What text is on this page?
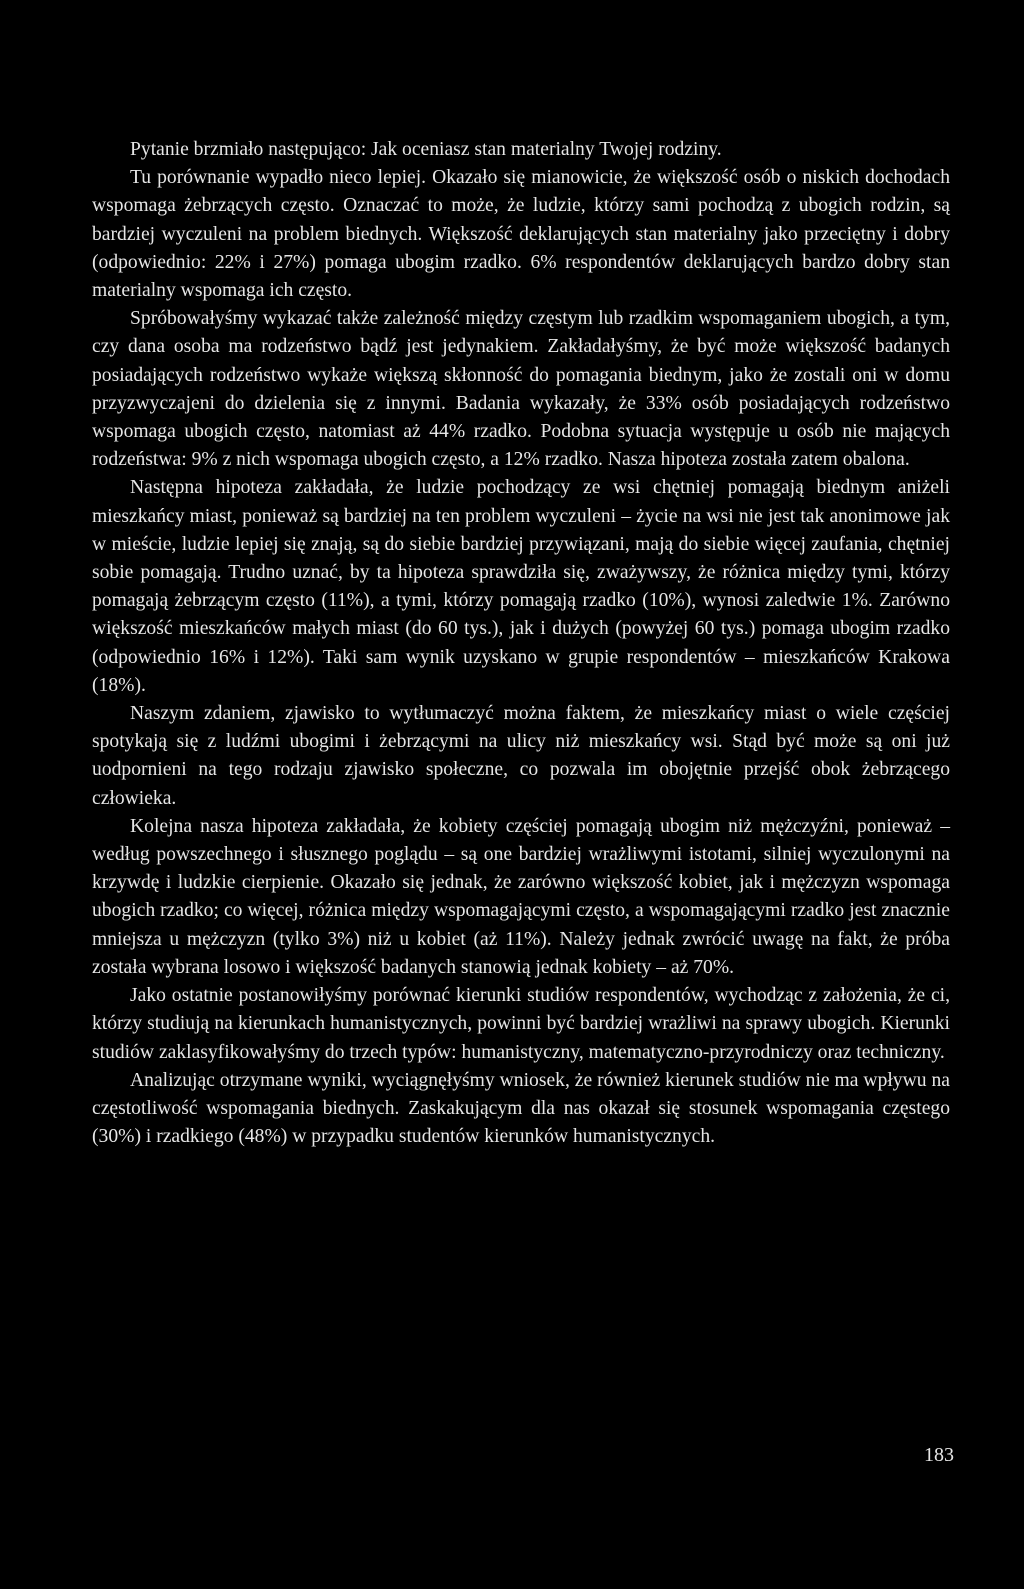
Pytanie brzmiało następująco: Jak oceniasz stan materialny Twojej rodziny.

Tu porównanie wypadło nieco lepiej. Okazało się mianowicie, że większość osób o niskich dochodach wspomaga żebrzących często. Oznaczać to może, że ludzie, którzy sami pochodzą z ubogich rodzin, są bardziej wyczuleni na problem biednych. Większość deklarujących stan materialny jako przeciętny i dobry (odpowiednio: 22% i 27%) pomaga ubogim rzadko. 6% respondentów deklarujących bardzo dobry stan materialny wspomaga ich często.

Spróbowałyśmy wykazać także zależność między częstym lub rzadkim wspomaganiem ubogich, a tym, czy dana osoba ma rodzeństwo bądź jest jedynakiem. Zakładałyśmy, że być może większość badanych posiadających rodzeństwo wykaże większą skłonność do pomagania biednym, jako że zostali oni w domu przyzwyczajeni do dzielenia się z innymi. Badania wykazały, że 33% osób posiadających rodzeństwo wspomaga ubogich często, natomiast aż 44% rzadko. Podobna sytuacja występuje u osób nie mających rodzeństwa: 9% z nich wspomaga ubogich często, a 12% rzadko. Nasza hipoteza została zatem obalona.

Następna hipoteza zakładała, że ludzie pochodzący ze wsi chętniej pomagają biednym aniżeli mieszkańcy miast, ponieważ są bardziej na ten problem wyczuleni – życie na wsi nie jest tak anonimowe jak w mieście, ludzie lepiej się znają, są do siebie bardziej przywiązani, mają do siebie więcej zaufania, chętniej sobie pomagają. Trudno uznać, by ta hipoteza sprawdziła się, zważywszy, że różnica między tymi, którzy pomagają żebrzącym często (11%), a tymi, którzy pomagają rzadko (10%), wynosi zaledwie 1%. Zarówno większość mieszkańców małych miast (do 60 tys.), jak i dużych (powyżej 60 tys.) pomaga ubogim rzadko (odpowiednio 16% i 12%). Taki sam wynik uzyskano w grupie respondentów – mieszkańców Krakowa (18%).

Naszym zdaniem, zjawisko to wytłumaczyć można faktem, że mieszkańcy miast o wiele częściej spotykają się z ludźmi ubogimi i żebrzącymi na ulicy niż mieszkańcy wsi. Stąd być może są oni już uodpornieni na tego rodzaju zjawisko społeczne, co pozwala im obojętnie przejść obok żebrzącego człowieka.

Kolejna nasza hipoteza zakładała, że kobiety częściej pomagają ubogim niż mężczyźni, ponieważ – według powszechnego i słusznego poglądu – są one bardziej wrażliwymi istotami, silniej wyczulonymi na krzywdę i ludzkie cierpienie. Okazało się jednak, że zarówno większość kobiet, jak i mężczyzn wspomaga ubogich rzadko; co więcej, różnica między wspomagającymi często, a wspomagającymi rzadko jest znacznie mniejsza u mężczyzn (tylko 3%) niż u kobiet (aż 11%). Należy jednak zwrócić uwagę na fakt, że próba została wybrana losowo i większość badanych stanowią jednak kobiety – aż 70%.

Jako ostatnie postanowiłyśmy porównać kierunki studiów respondentów, wychodząc z założenia, że ci, którzy studiują na kierunkach humanistycznych, powinni być bardziej wrażliwi na sprawy ubogich. Kierunki studiów zaklasyfikowałyśmy do trzech typów: humanistyczny, matematyczno-przyrodniczy oraz techniczny.

Analizując otrzymane wyniki, wyciągnęłyśmy wniosek, że również kierunek studiów nie ma wpływu na częstotliwość wspomagania biednych. Zaskakującym dla nas okazał się stosunek wspomagania częstego (30%) i rzadkiego (48%) w przypadku studentów kierunków humanistycznych.

183
